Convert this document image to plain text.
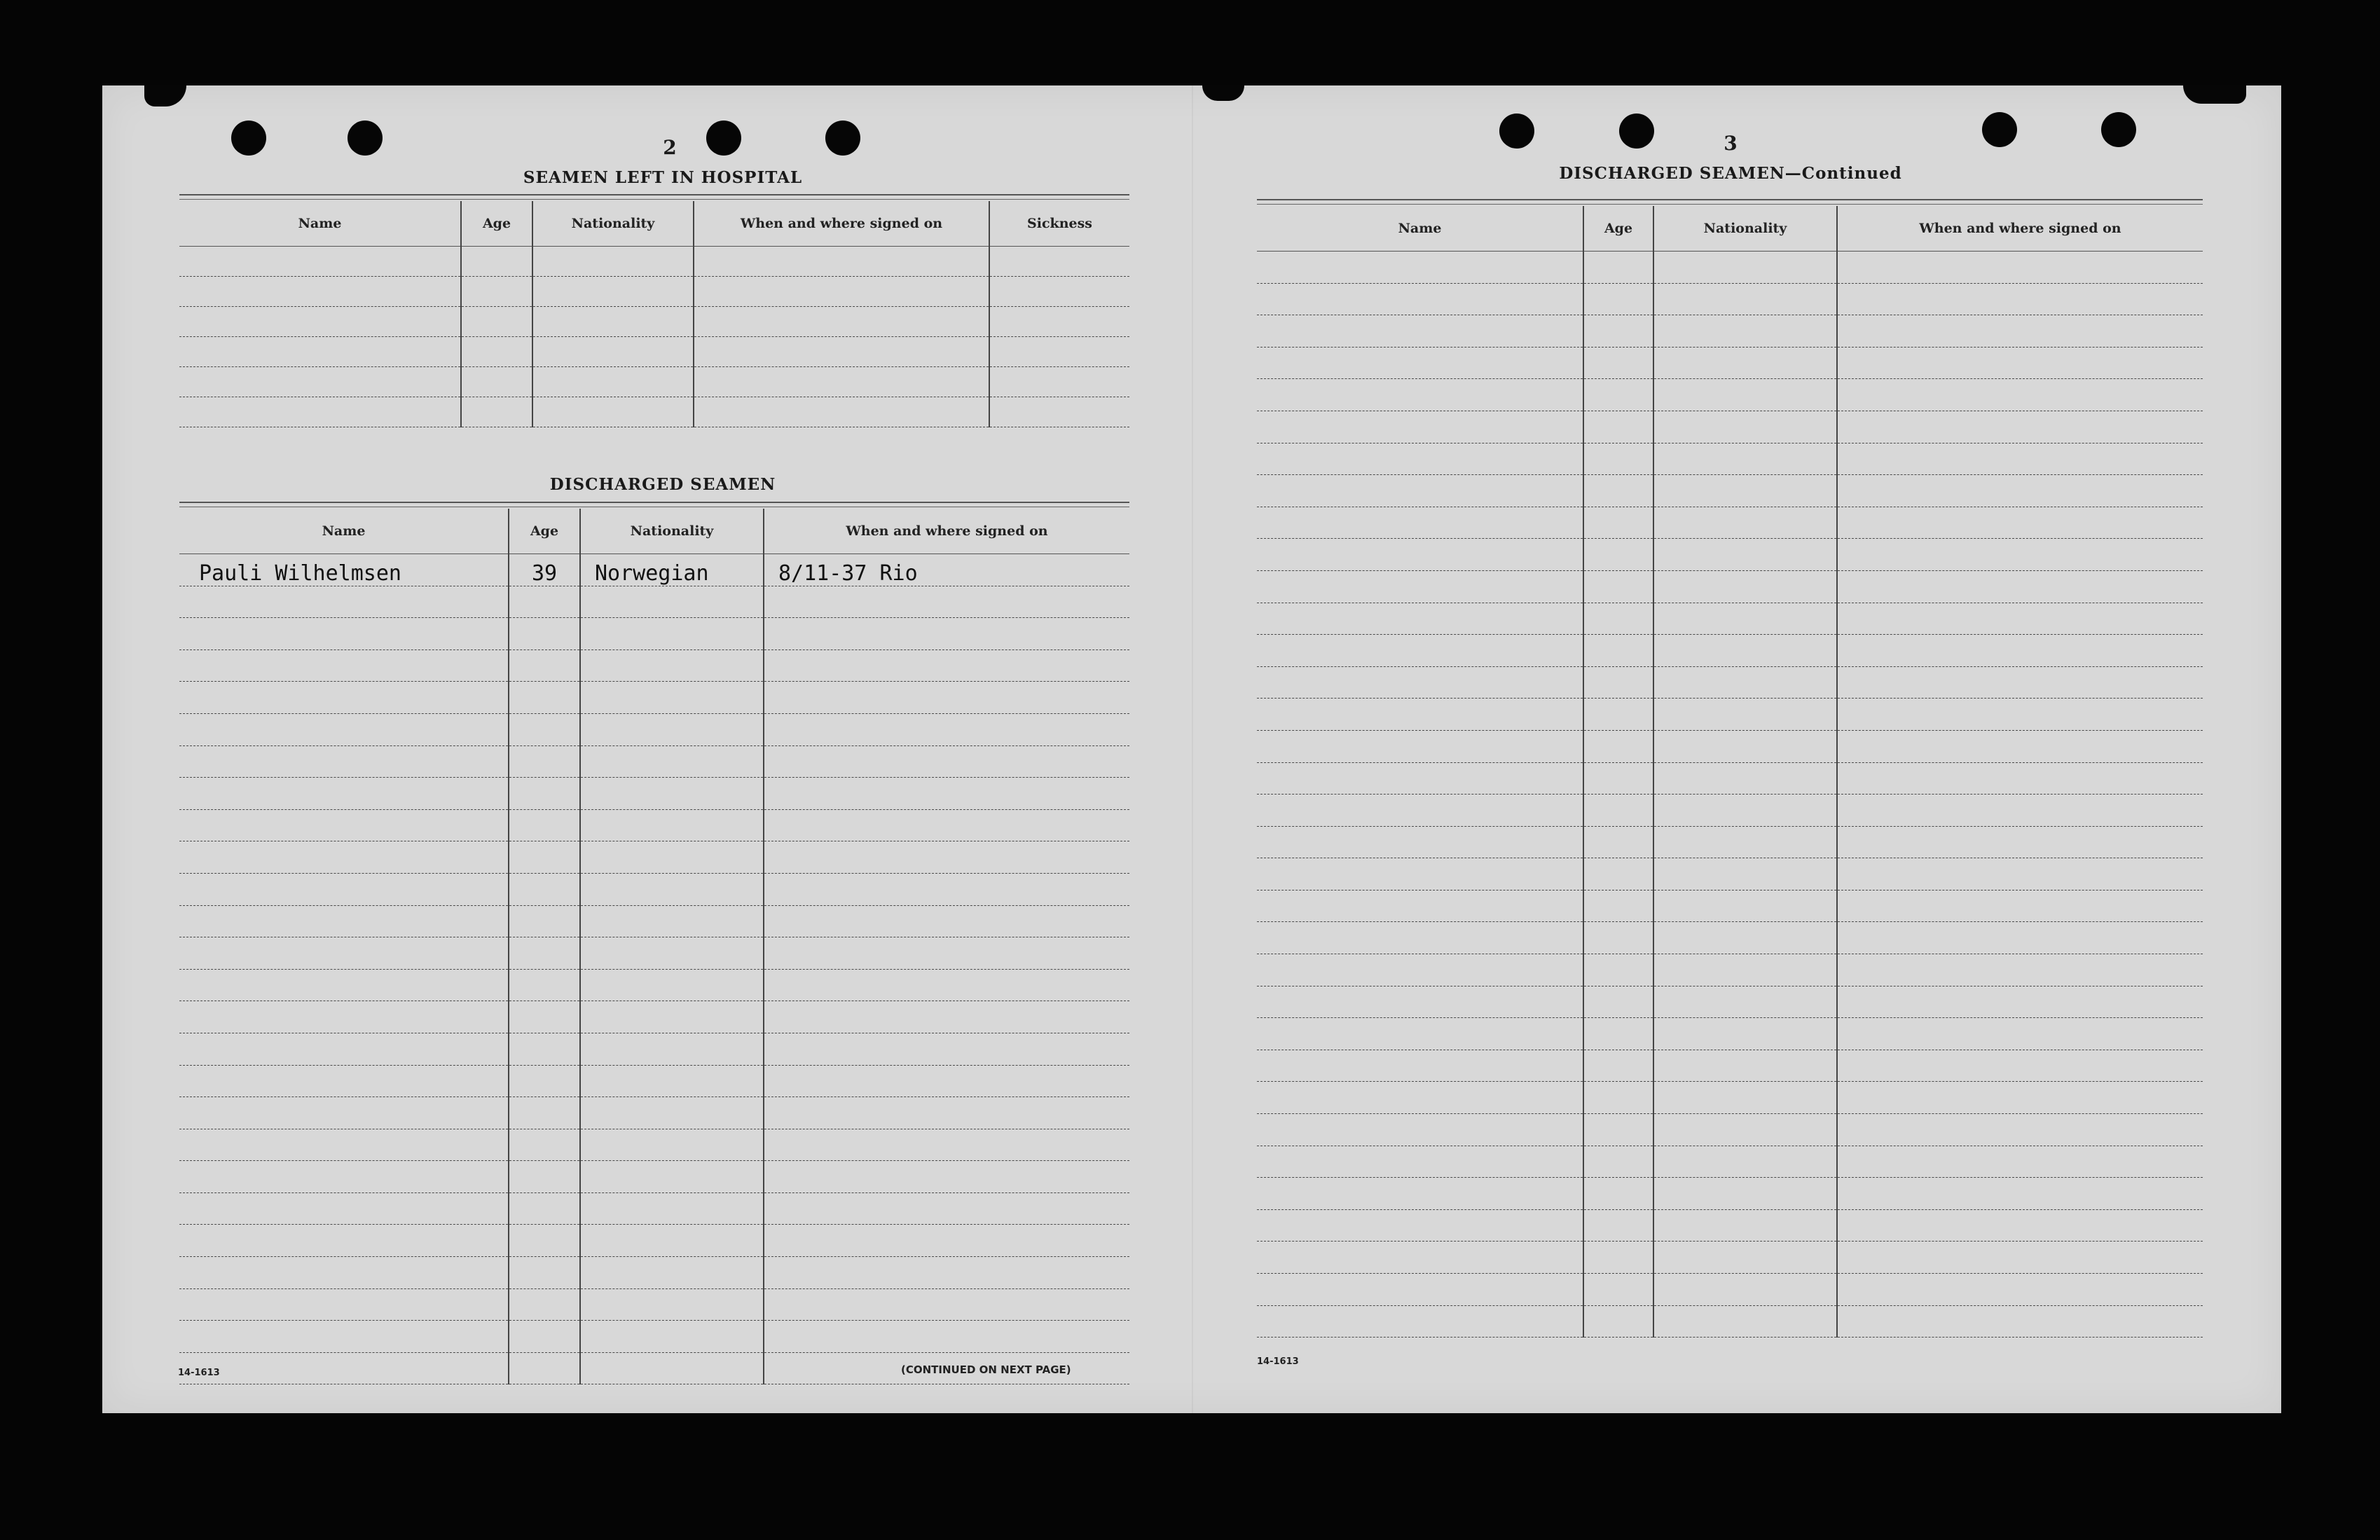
2
SEAMEN LEFT IN HOSPITAL
Name	Age	Nationality	When and where signed on	Sickness

DISCHARGED SEAMEN
Name	Age	Nationality	When and where signed on
Pauli Wilhelmsen	39	Norwegian	8/11-37 Rio

14-1613	(CONTINUED ON NEXT PAGE)
3
DISCHARGED SEAMEN—Continued
Name	Age	Nationality	When and where signed on

14-1613
